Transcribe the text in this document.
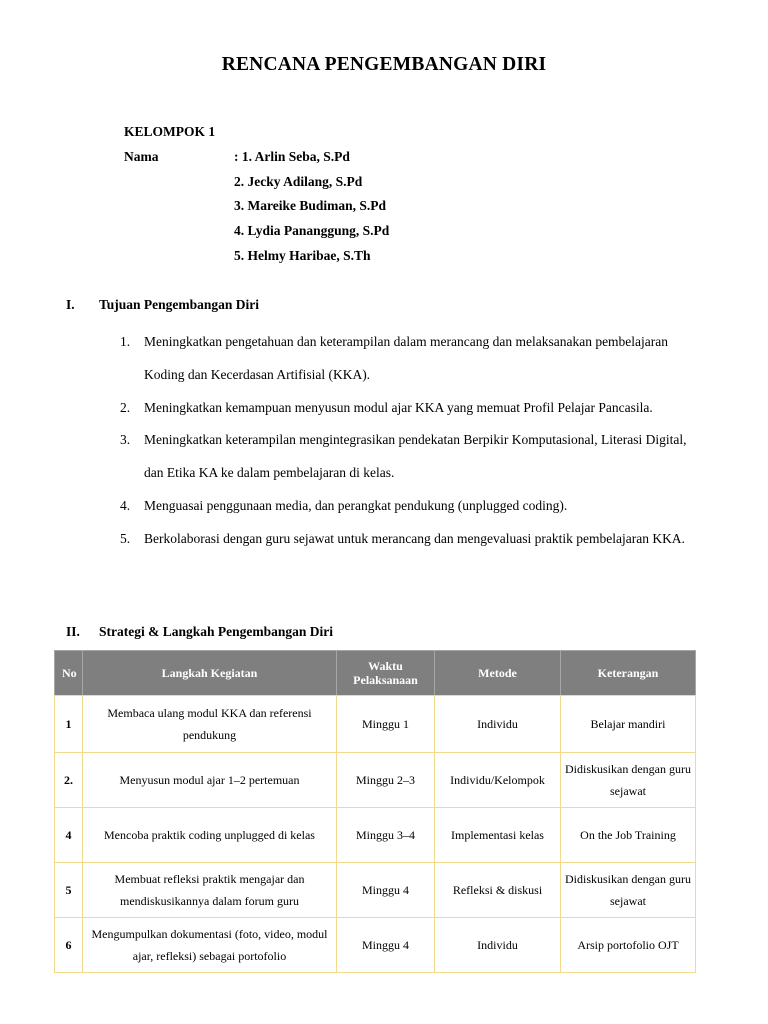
RENCANA PENGEMBANGAN DIRI
KELOMPOK 1
Nama	: 1. Arlin Seba, S.Pd
2. Jecky Adilang, S.Pd
3. Mareike Budiman, S.Pd
4. Lydia Pananggung, S.Pd
5. Helmy Haribae, S.Th
I. Tujuan Pengembangan Diri
1.	Meningkatkan pengetahuan dan keterampilan dalam merancang dan melaksanakan pembelajaran Koding dan Kecerdasan Artifisial (KKA).
2.	Meningkatkan kemampuan menyusun modul ajar KKA yang memuat Profil Pelajar Pancasila.
3.	Meningkatkan keterampilan mengintegrasikan pendekatan Berpikir Komputasional, Literasi Digital, dan Etika KA ke dalam pembelajaran di kelas.
4.	Menguasai penggunaan media, dan perangkat pendukung (unplugged coding).
5.	Berkolaborasi dengan guru sejawat untuk merancang dan mengevaluasi praktik pembelajaran KKA.
II. Strategi & Langkah Pengembangan Diri
No	Langkah Kegiatan	Waktu Pelaksanaan	Metode	Keterangan
1	Membaca ulang modul KKA dan referensi pendukung	Minggu 1	Individu	Belajar mandiri
2.	Menyusun modul ajar 1–2 pertemuan	Minggu 2–3	Individu/Kelompok	Didiskusikan dengan guru sejawat
4	Mencoba praktik coding unplugged di kelas	Minggu 3–4	Implementasi kelas	On the Job Training
5	Membuat refleksi praktik mengajar dan mendiskusikannya dalam forum guru	Minggu 4	Refleksi & diskusi	Didiskusikan dengan guru sejawat
6	Mengumpulkan dokumentasi (foto, video, modul ajar, refleksi) sebagai portofolio	Minggu 4	Individu	Arsip portofolio OJT
